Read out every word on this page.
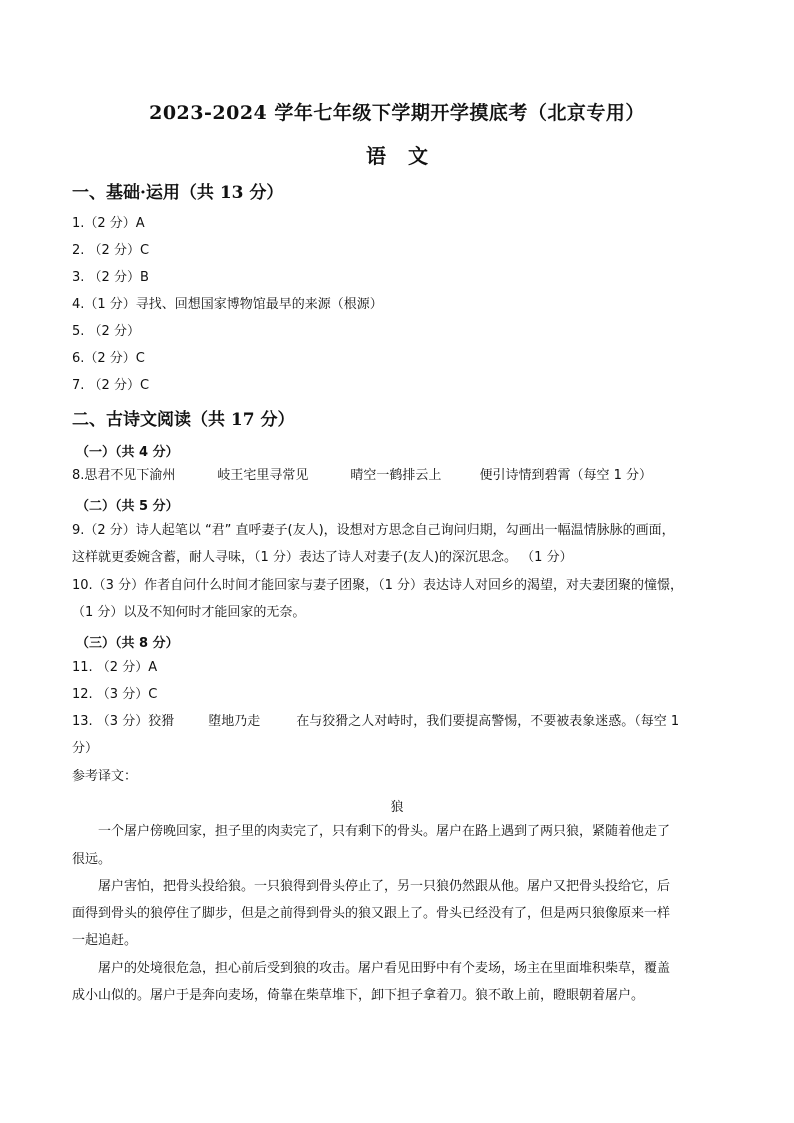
2023-2024 学年七年级下学期开学摸底考（北京专用）
语文
一、基础·运用（共 13 分）
1.（2 分）A
2. （2 分）C
3. （2 分）B
4.（1 分）寻找、回想国家博物馆最早的来源（根源）
5. （2 分）
6.（2 分）C
7. （2 分）C
二、古诗文阅读（共 17 分）
（一）（共 4 分）
8.思君不见下渝州	岐王宅里寻常见	晴空一鹤排云上	便引诗情到碧霄（每空 1 分）
（二）（共 5 分）
9.（2 分）诗人起笔以 “君” 直呼妻子(友人)，设想对方思念自己询问归期，勾画出一幅温情脉脉的画面，
这样就更委婉含蓄，耐人寻味，（1 分）表达了诗人对妻子(友人)的深沉思念。 （1 分）
10.（3 分）作者自问什么时间才能回家与妻子团聚，（1 分）表达诗人对回乡的渴望，对夫妻团聚的憧憬，
（1 分）以及不知何时才能回家的无奈。
（三）（共 8 分）
11. （2 分）A
12. （3 分）C
13. （3 分）狡猾	堕地乃走	在与狡猾之人对峙时，我们要提高警惕，不要被表象迷惑。（每空 1
分）
参考译文：
狼
一个屠户傍晚回家，担子里的肉卖完了，只有剩下的骨头。屠户在路上遇到了两只狼，紧随着他走了
很远。
屠户害怕，把骨头投给狼。一只狼得到骨头停止了，另一只狼仍然跟从他。屠户又把骨头投给它，后
面得到骨头的狼停住了脚步，但是之前得到骨头的狼又跟上了。骨头已经没有了，但是两只狼像原来一样
一起追赶。
屠户的处境很危急，担心前后受到狼的攻击。屠户看见田野中有个麦场，场主在里面堆积柴草，覆盖
成小山似的。屠户于是奔向麦场，倚靠在柴草堆下，卸下担子拿着刀。狼不敢上前，瞪眼朝着屠户。
